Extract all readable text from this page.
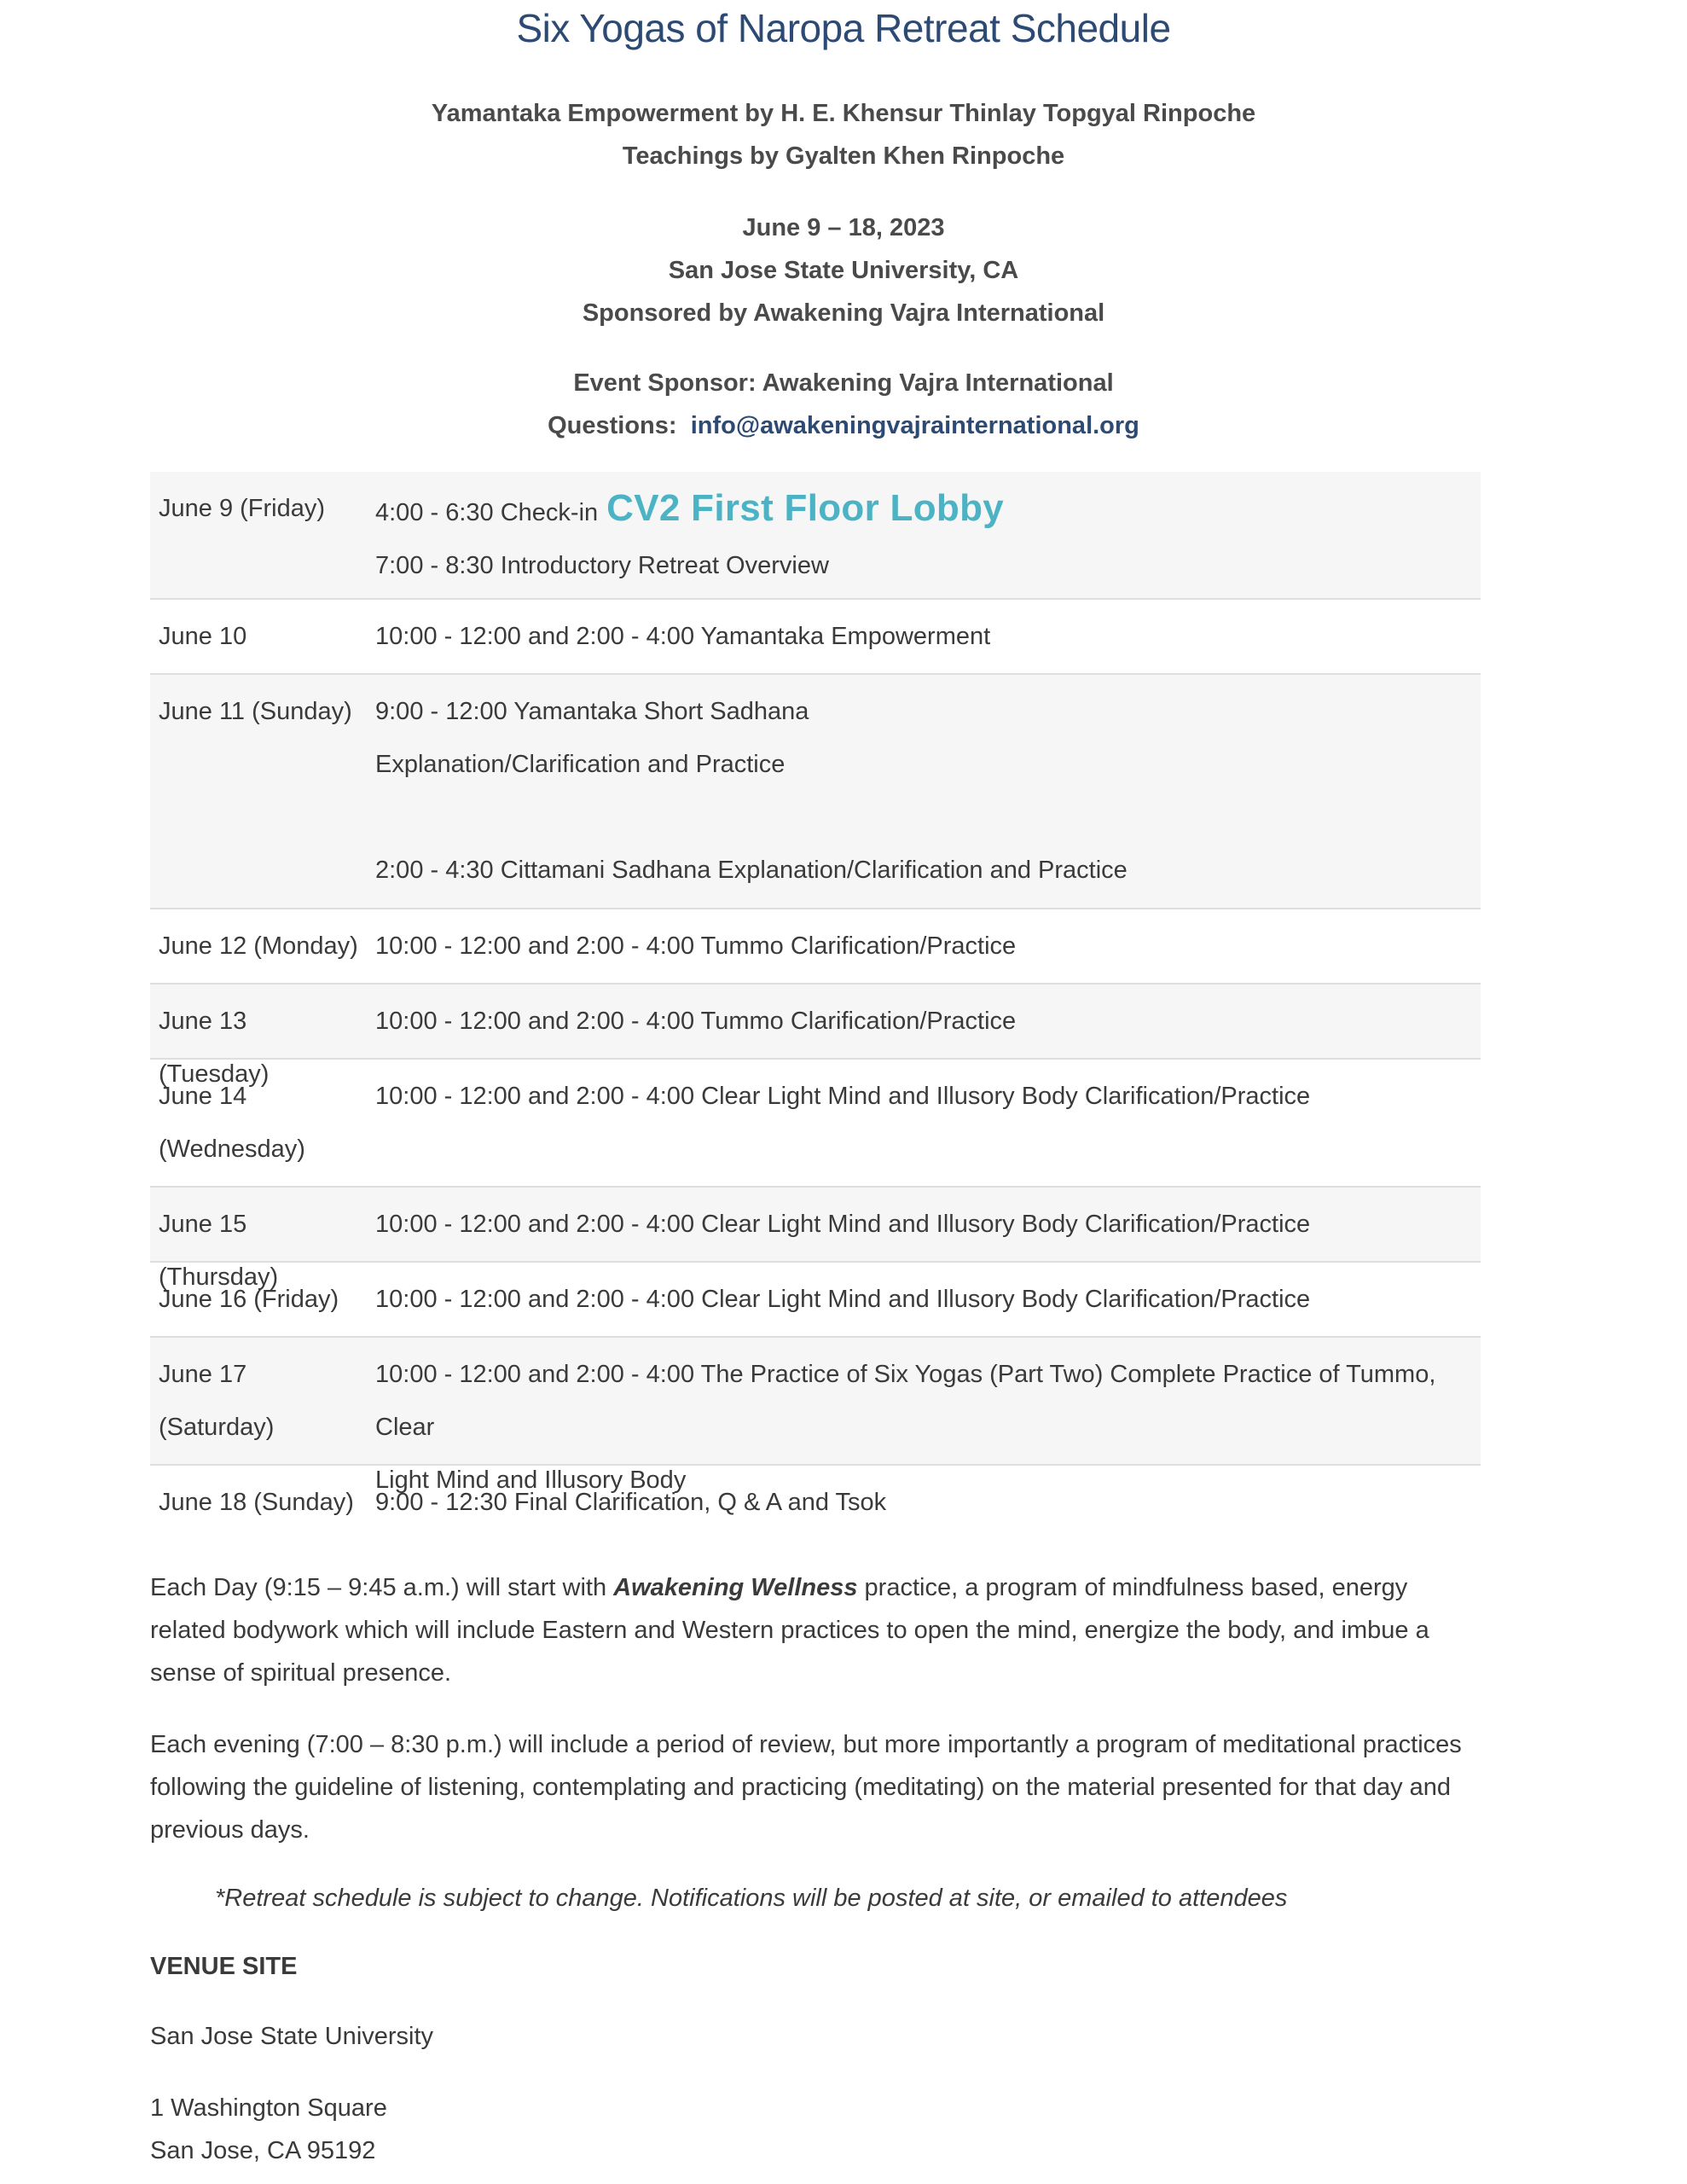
Six Yogas of Naropa Retreat Schedule
Yamantaka Empowerment by H. E. Khensur Thinlay Topgyal Rinpoche
Teachings by Gyalten Khen Rinpoche
June 9 – 18, 2023
San Jose State University, CA
Sponsored by Awakening Vajra International
Event Sponsor: Awakening Vajra International
Questions: info@awakeningvajrainternational.org
June 9 (Friday)	4:00 - 6:30 Check-in CV2 First Floor Lobby
7:00 - 8:30 Introductory Retreat Overview
June 10	10:00 - 12:00 and 2:00 - 4:00 Yamantaka Empowerment
June 11 (Sunday) 9:00 - 12:00 Yamantaka Short Sadhana
Explanation/Clarification and Practice
2:00 - 4:30 Cittamani Sadhana Explanation/Clarification and Practice
June 12 (Monday) 10:00 - 12:00 and 2:00 - 4:00 Tummo Clarification/Practice
June 13 (Tuesday)
10:00 - 12:00 and 2:00 - 4:00 Tummo Clarification/Practice
June 14
(Wednesday)
10:00 - 12:00 and 2:00 - 4:00 Clear Light Mind and Illusory Body Clarification/Practice
June 15 (Thursday)
10:00 - 12:00 and 2:00 - 4:00 Clear Light Mind and Illusory Body Clarification/Practice
June 16 (Friday)	10:00 - 12:00 and 2:00 - 4:00 Clear Light Mind and Illusory Body Clarification/Practice
June 17 (Saturday)
10:00 - 12:00 and 2:00 - 4:00 The Practice of Six Yogas (Part Two) Complete Practice of Tummo, Clear
Light Mind and Illusory Body
June 18 (Sunday) 9:00 - 12:30 Final Clarification, Q & A and Tsok

Each Day (9:15 – 9:45 a.m.) will start with Awakening Wellness practice, a program of mindfulness based, energy related bodywork which will include Eastern and Western practices to open the mind, energize the body, and imbue a sense of spiritual presence.

Each evening (7:00 – 8:30 p.m.) will include a period of review, but more importantly a program of meditational practices following the guideline of listening, contemplating and practicing (meditating) on the material presented for that day and previous days.

*Retreat schedule is subject to change. Notifications will be posted at site, or emailed to attendees

VENUE SITE

San Jose State University

1 Washington Square

San Jose, CA 95192
